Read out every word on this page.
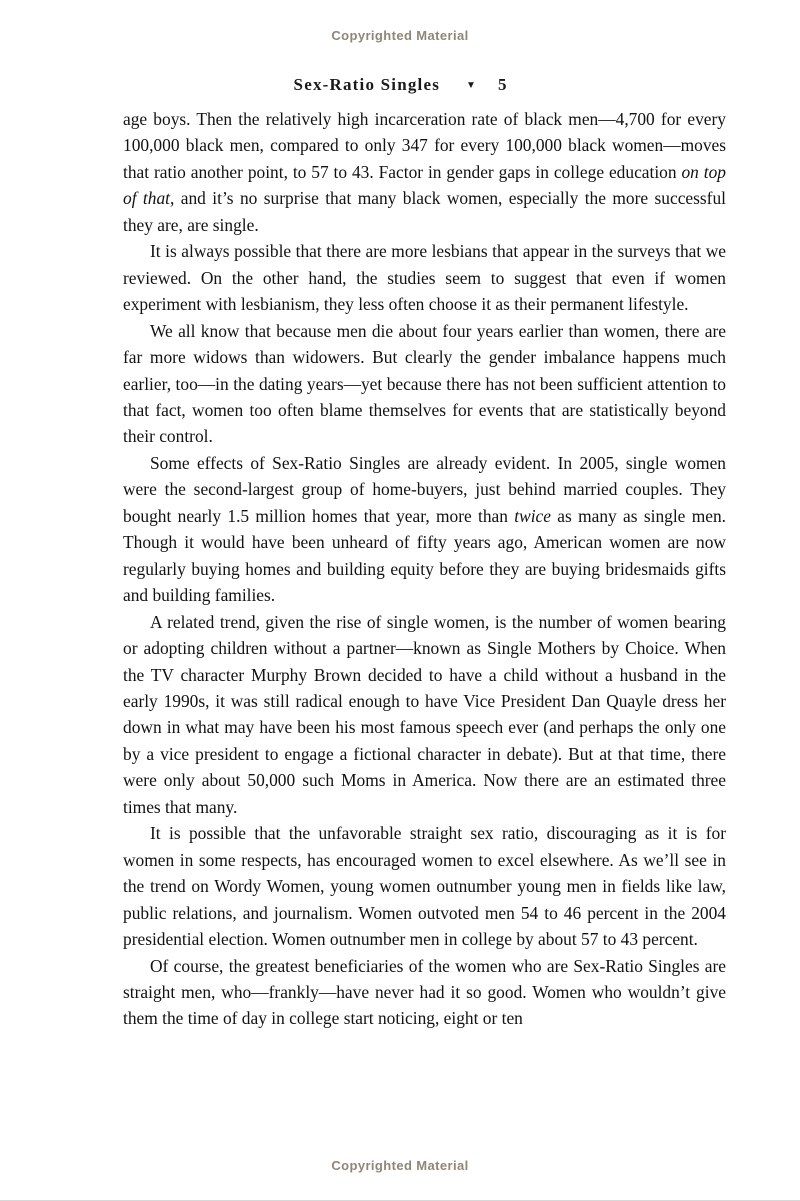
Copyrighted Material
Sex-Ratio Singles	▼ 5

age boys. Then the relatively high incarceration rate of black men—4,700 for every 100,000 black men, compared to only 347 for every 100,000 black women—moves that ratio another point, to 57 to 43. Factor in gender gaps in college education on top of that, and it’s no surprise that many black women, especially the more successful they are, are single.

It is always possible that there are more lesbians that appear in the surveys that we reviewed. On the other hand, the studies seem to suggest that even if women experiment with lesbianism, they less often choose it as their permanent lifestyle.

We all know that because men die about four years earlier than women, there are far more widows than widowers. But clearly the gender imbalance happens much earlier, too—in the dating years—yet because there has not been sufficient attention to that fact, women too often blame themselves for events that are statistically beyond their control.

Some effects of Sex-Ratio Singles are already evident. In 2005, single women were the second-largest group of home-buyers, just behind married couples. They bought nearly 1.5 million homes that year, more than twice as many as single men. Though it would have been unheard of fifty years ago, American women are now regularly buying homes and building equity before they are buying bridesmaids gifts and building families.

A related trend, given the rise of single women, is the number of women bearing or adopting children without a partner—known as Single Mothers by Choice. When the TV character Murphy Brown decided to have a child without a husband in the early 1990s, it was still radical enough to have Vice President Dan Quayle dress her down in what may have been his most famous speech ever (and perhaps the only one by a vice president to engage a fictional character in debate). But at that time, there were only about 50,000 such Moms in America. Now there are an estimated three times that many.

It is possible that the unfavorable straight sex ratio, discouraging as it is for women in some respects, has encouraged women to excel elsewhere. As we’ll see in the trend on Wordy Women, young women outnumber young men in fields like law, public relations, and journalism. Women outvoted men 54 to 46 percent in the 2004 presidential election. Women outnumber men in college by about 57 to 43 percent.

Of course, the greatest beneficiaries of the women who are Sex-Ratio Singles are straight men, who—frankly—have never had it so good. Women who wouldn’t give them the time of day in college start noticing, eight or ten

Copyrighted Material
